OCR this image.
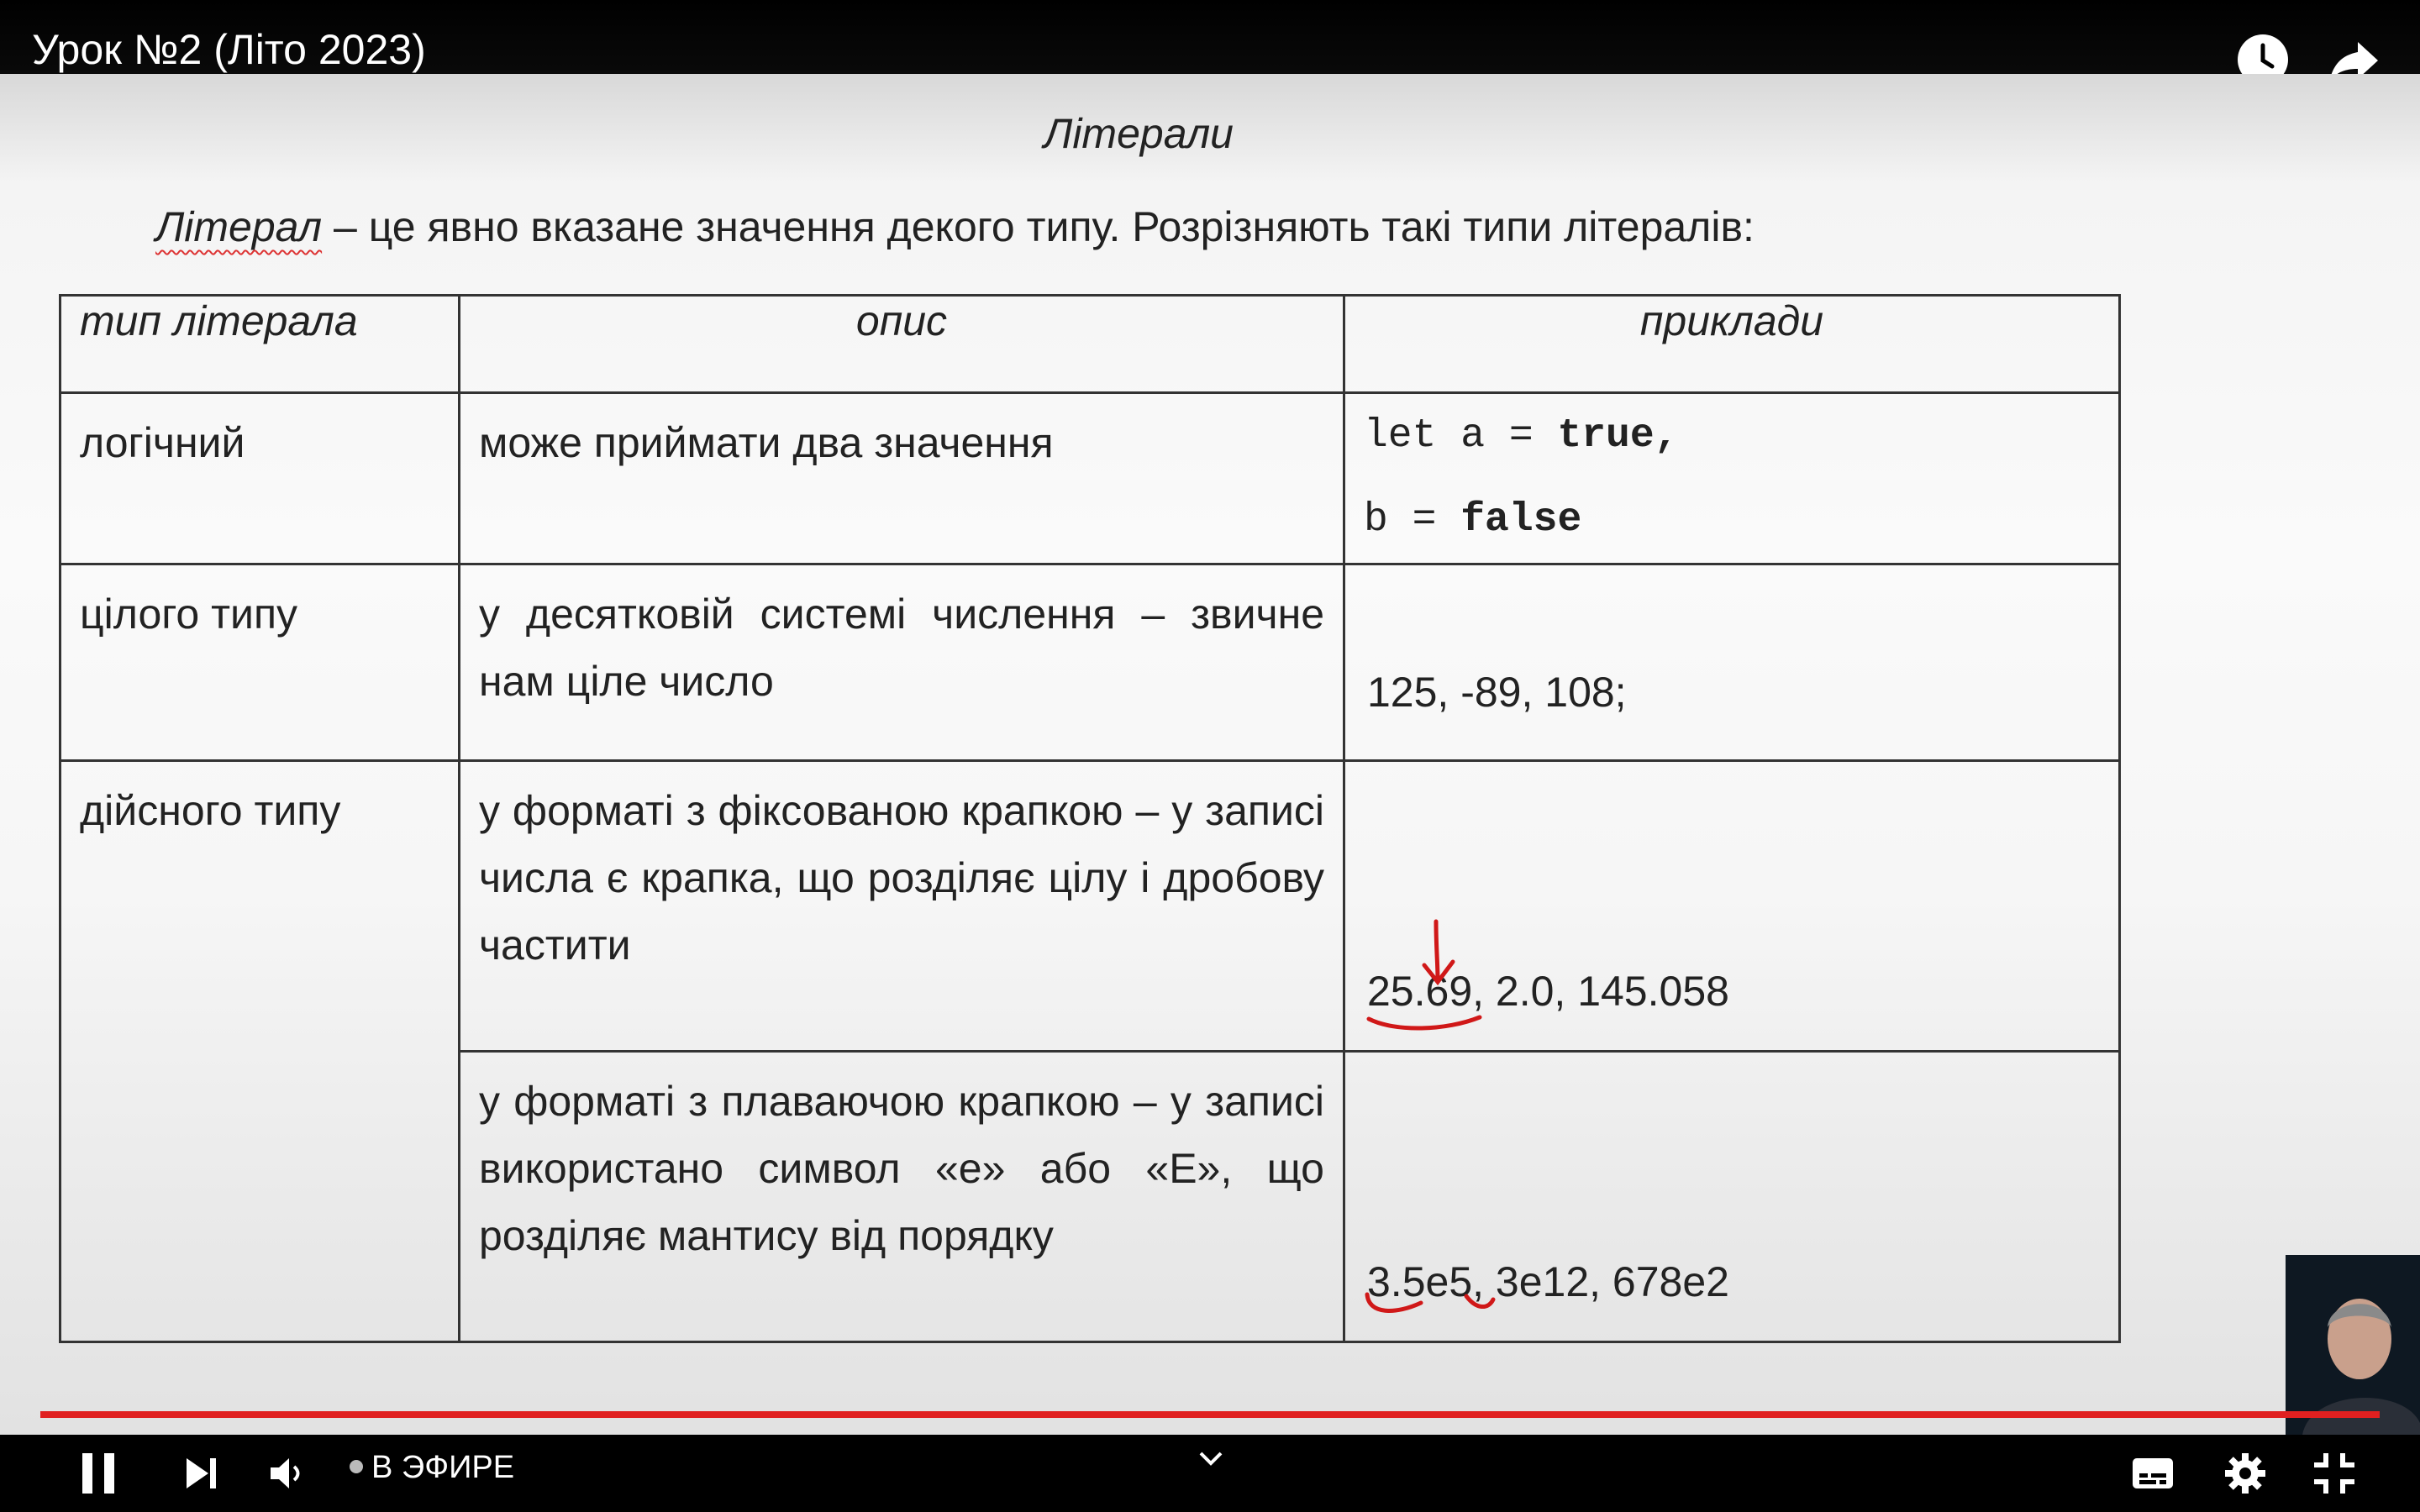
Урок №2 (Літо 2023)
Літерали
Літерал – це явно вказане значення декого типу. Розрізняють такі типи літералів:
тип літерала	опис	приклади

логічний	може приймати два значення	let a = true,
b = false

цілого типу	у десятковій системі числення – звичне нам ціле число	125, -89, 108;

дійсного типу	у форматі з фіксованою крапкою – у записі числа є крапка, що розділяє цілу і дробову частити	25.69, 2.0, 145.058

	у форматі з плаваючою крапкою – у записі використано символ «е» або «Е», що розділяє мантису від порядку	3.5e5, 3e12, 678e2
В ЭФИРЕ
